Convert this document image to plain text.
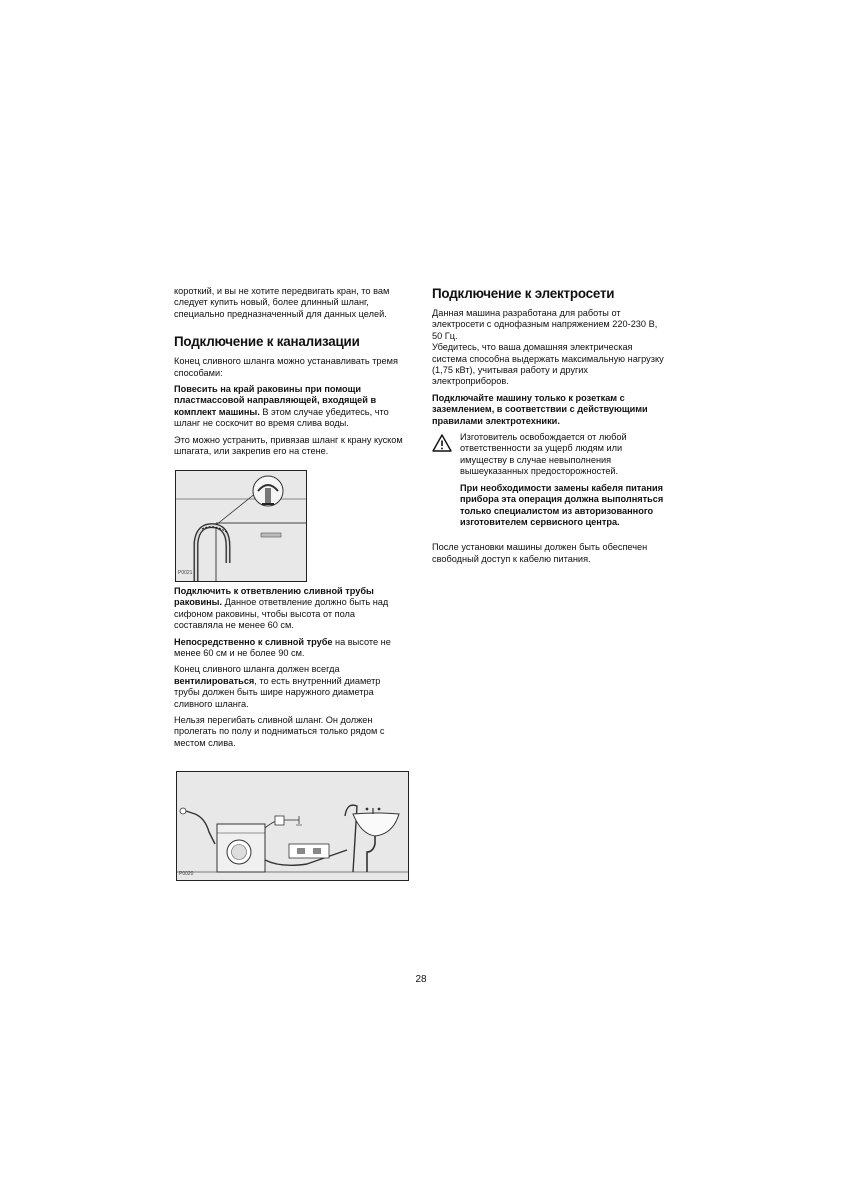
короткий, и вы не хотите передвигать кран, то вам следует купить новый, более длинный шланг, специально предназначенный для данных целей.

Подключение к канализации

Конец сливного шланга можно устанавливать тремя способами:

Повесить на край раковины при помощи пластмассовой направляющей, входящей в комплект машины. В этом случае убедитесь, что шланг не соскочит во время слива воды.

Это можно устранить, привязав шланг к крану куском шпагата, или закрепив его на стене.

P0021

Подключить к ответвлению сливной трубы раковины. Данное ответвление должно быть над сифоном раковины, чтобы высота от пола составляла не менее 60 см.

Непосредственно к сливной трубе на высоте не менее 60 см и не более 90 см.

Конец сливного шланга должен всегда вентилироваться, то есть внутренний диаметр трубы должен быть шире наружного диаметра сливного шланга.

Нельзя перегибать сливной шланг. Он должен пролегать по полу и подниматься только рядом с местом слива.

P0020
Подключение к электросети

Данная машина разработана для работы от электросети с однофазным напряжением 220-230 В, 50 Гц.

Убедитесь, что ваша домашняя электрическая система способна выдержать максимальную нагрузку (1,75 кВт), учитывая работу и других электроприборов.

Подключайте машину только к розеткам с заземлением, в соответствии с действующими правилами электротехники.

Изготовитель освобождается от любой ответственности за ущерб людям или имуществу в случае невыполнения вышеуказанных предосторожностей.

При необходимости замены кабеля питания прибора эта операция должна выполняться только специалистом из авторизованного изготовителем сервисного центра.

После установки машины должен быть обеспечен свободный доступ к кабелю питания.

28
